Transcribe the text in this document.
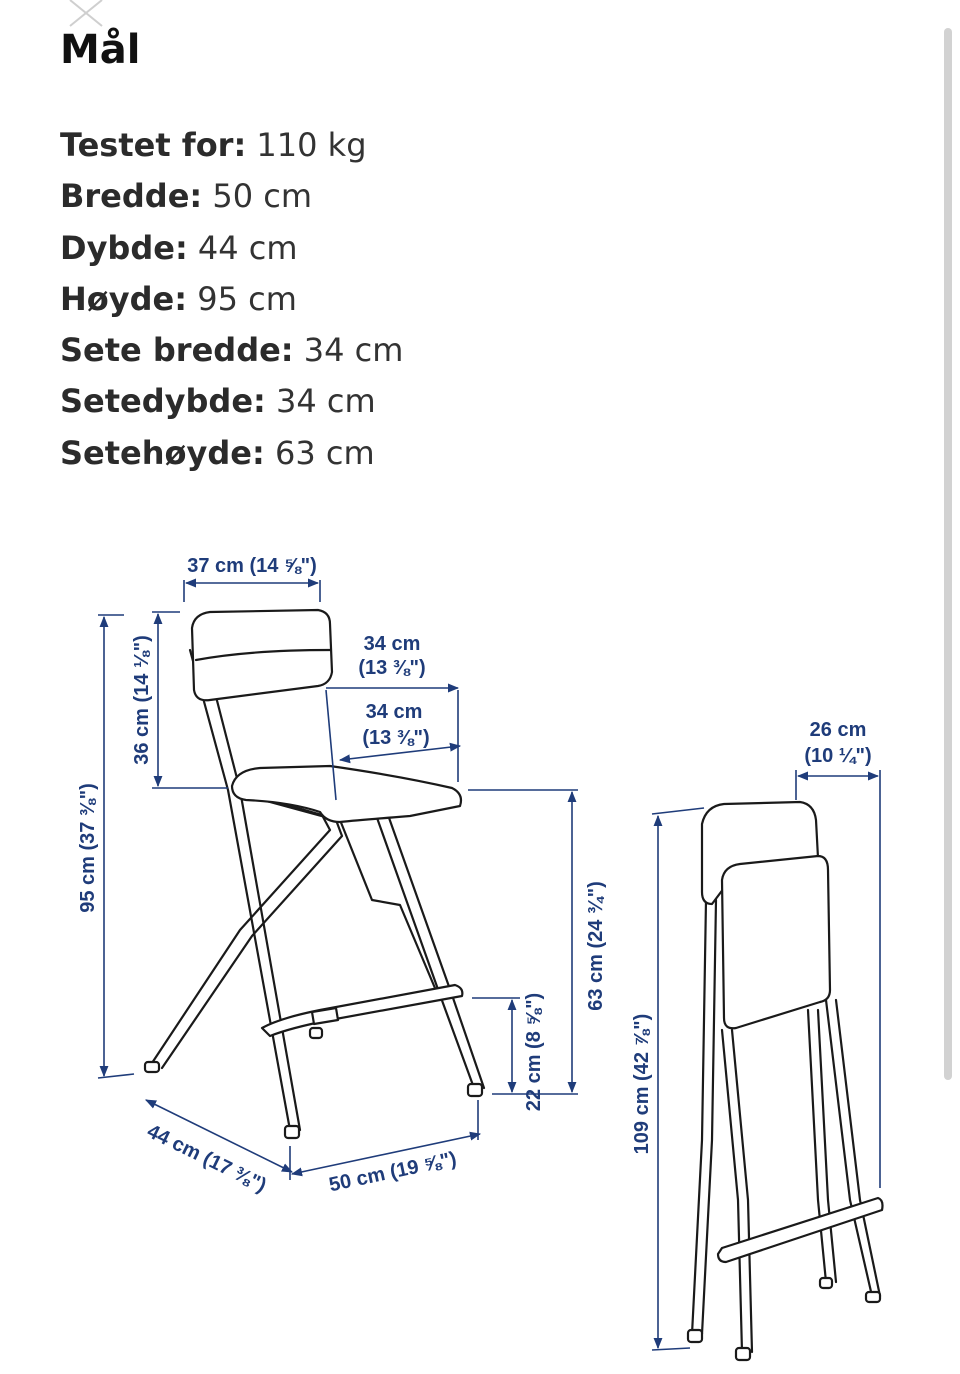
Mål
Testet for: 110 kg
Bredde: 50 cm
Dybde: 44 cm
Høyde: 95 cm
Sete bredde: 34 cm
Setedybde: 34 cm
Setehøyde: 63 cm
37 cm (14 ⅝")
36 cm (14 ⅛")	34 cm
(13 ⅜")
34 cm
(13 ⅜")
95 cm (37 ⅜")
63 cm (24 ¾")
22 cm (8 ⅝")
44 cm (17 ⅜")	50 cm (19 ⅝")
26 cm
(10 ¼")
109 cm (42 ⅞")
